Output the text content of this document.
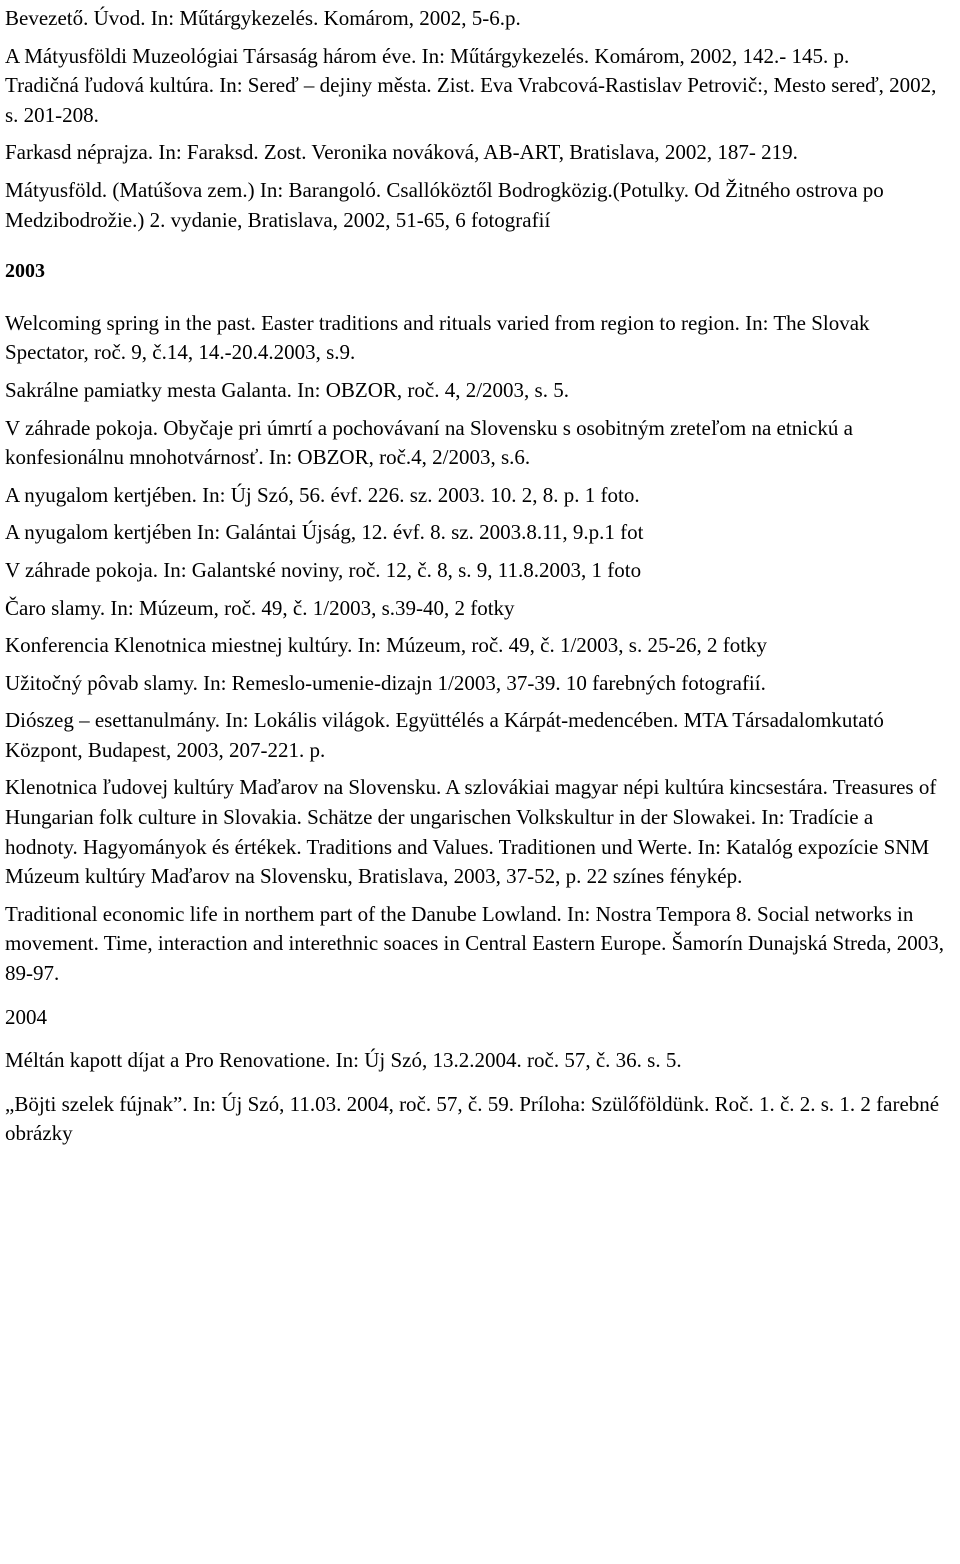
Bevezető. Úvod. In: Műtárgykezelés. Komárom, 2002, 5-6.p.

A Mátyusföldi Muzeológiai Társaság három éve. In: Műtárgykezelés. Komárom, 2002, 142.- 145. p.

Tradičná ľudová kultúra. In: Sereď – dejiny města. Zist. Eva Vrabcová-Rastislav Petrovič:, Mesto sereď, 2002, s. 201-208.

Farkasd néprajza. In: Faraksd. Zost. Veronika nováková, AB-ART, Bratislava, 2002, 187- 219.

Mátyusföld. (Matúšova zem.) In: Barangoló. Csallóköztől Bodrogközig.(Potulky. Od Žitného ostrova po Medzibodrožie.) 2. vydanie, Bratislava, 2002, 51-65, 6 fotografií

2003

Welcoming spring in the past. Easter traditions and rituals varied from region to region. In: The Slovak Spectator, roč. 9, č.14, 14.-20.4.2003, s.9.

Sakrálne pamiatky mesta Galanta. In: OBZOR, roč. 4, 2/2003, s. 5.

V záhrade pokoja. Obyčaje pri úmrtí a pochovávaní na Slovensku s osobitným zreteľom na etnickú a konfesionálnu mnohotvárnosť. In: OBZOR, roč.4, 2/2003, s.6.

A nyugalom kertjében. In: Új Szó, 56. évf. 226. sz. 2003. 10. 2, 8. p. 1 foto.

A nyugalom kertjében In: Galántai Újság, 12. évf. 8. sz. 2003.8.11, 9.p.1 fot

V záhrade pokoja. In: Galantské noviny, roč. 12, č. 8, s. 9, 11.8.2003, 1 foto

Čaro slamy. In: Múzeum, roč. 49, č. 1/2003, s.39-40, 2 fotky

Konferencia Klenotnica miestnej kultúry. In: Múzeum, roč. 49, č. 1/2003, s. 25-26, 2 fotky

Užitočný pôvab slamy. In: Remeslo-umenie-dizajn 1/2003, 37-39. 10 farebných fotografií.

Diószeg – esettanulmány. In: Lokális világok. Együttélés a Kárpát-medencében. MTA Társadalomkutató Központ, Budapest, 2003, 207-221. p.

Klenotnica ľudovej kultúry Maďarov na Slovensku. A szlovákiai magyar népi kultúra kincsestára. Treasures of Hungarian folk culture in Slovakia. Schätze der ungarischen Volkskultur in der Slowakei. In: Tradície a hodnoty. Hagyományok és értékek. Traditions and Values. Traditionen und Werte. In: Katalóg expozície SNM Múzeum kultúry Maďarov na Slovensku, Bratislava, 2003, 37-52, p. 22 színes fénykép.

Traditional economic life in northem part of the Danube Lowland. In: Nostra Tempora 8. Social networks in movement. Time, interaction and interethnic soaces in Central Eastern Europe. Šamorín Dunajská Streda, 2003, 89-97.

2004

Méltán kapott díjat a Pro Renovatione. In: Új Szó, 13.2.2004. roč. 57, č. 36. s. 5.

„Böjti szelek fújnak”. In: Új Szó, 11.03. 2004, roč. 57, č. 59. Príloha: Szülőföldünk. Roč. 1. č. 2. s. 1. 2 farebné obrázky
